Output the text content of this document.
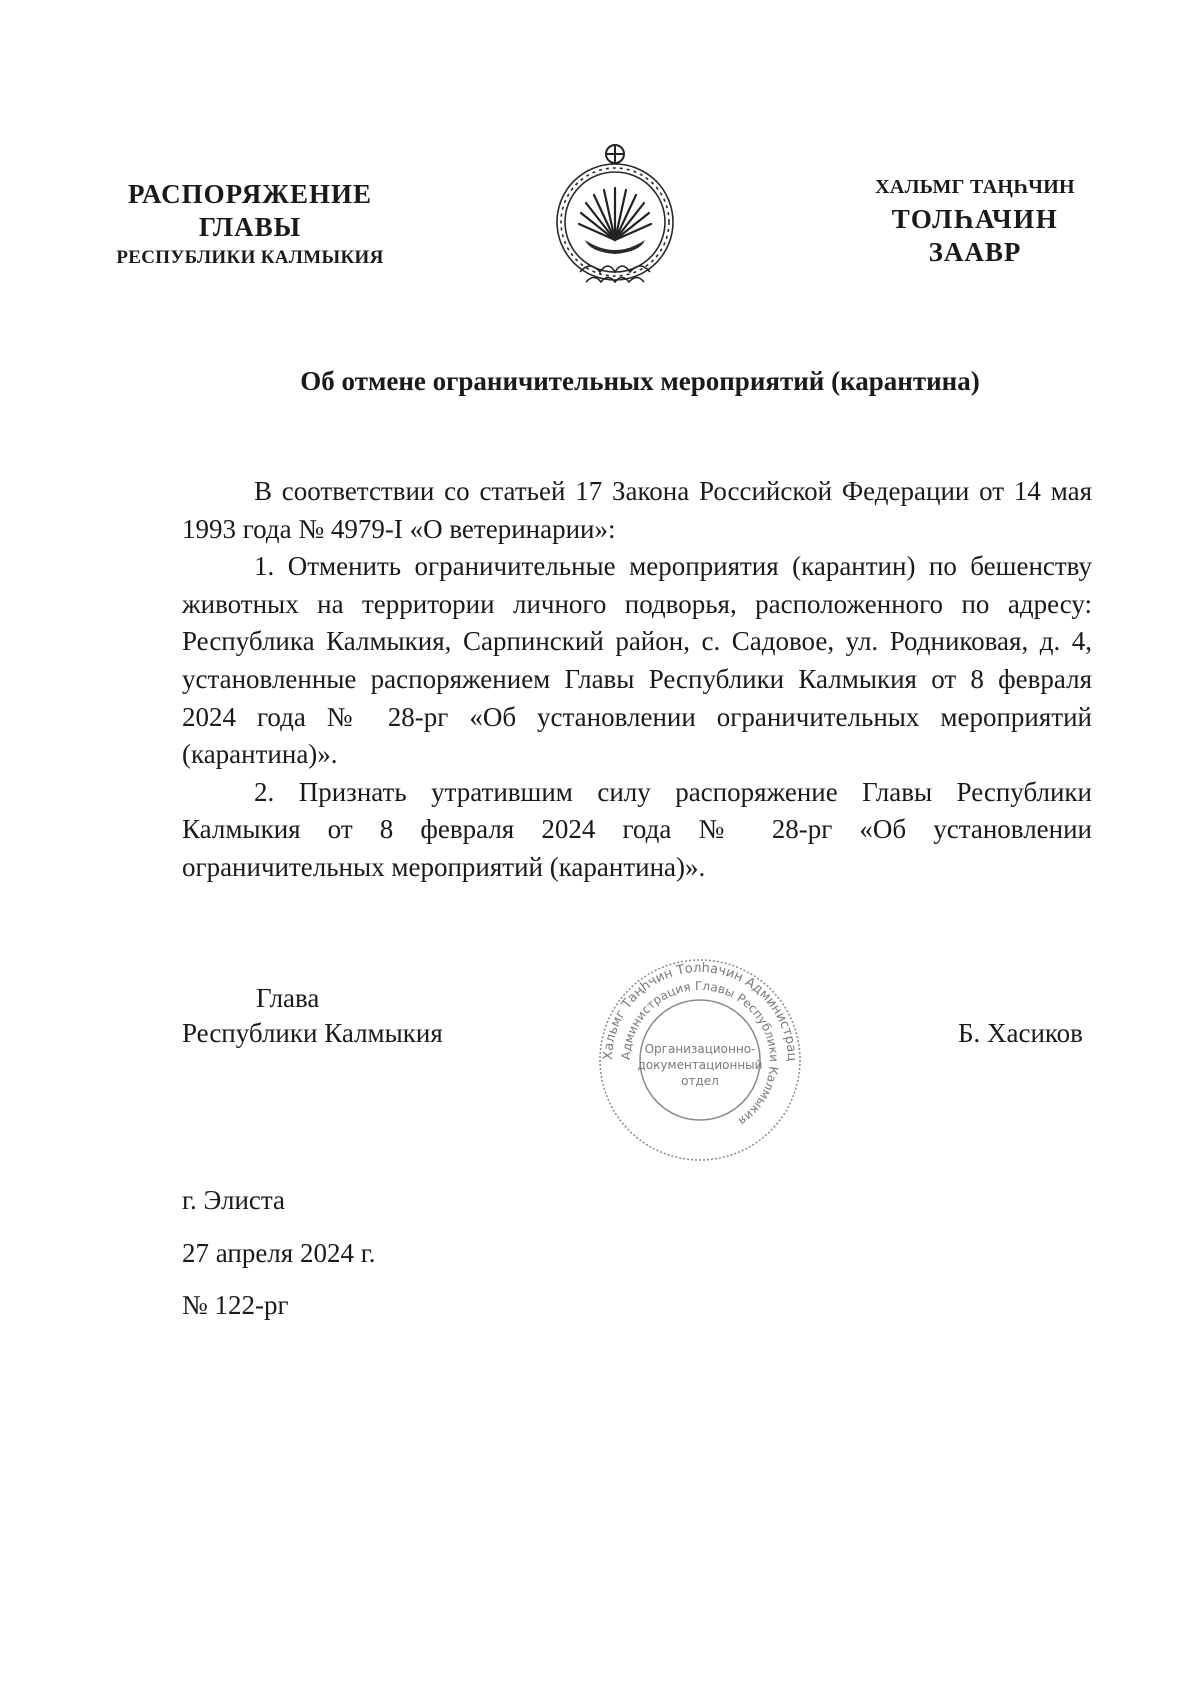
РАСПОРЯЖЕНИЕ
ГЛАВЫ
РЕСПУБЛИКИ КАЛМЫКИЯ
ХАЛЬМГ ТАҢҺЧИН
ТОЛҺАЧИН
ЗААВР
Об отмене ограничительных мероприятий (карантина)

В соответствии со статьей 17 Закона Российской Федерации от 14 мая 1993 года № 4979-I «О ветеринарии»:

1. Отменить ограничительные мероприятия (карантин) по бешенству животных на территории личного подворья, расположенного по адресу: Республика Калмыкия, Сарпинский район, с. Садовое, ул. Родниковая, д. 4, установленные распоряжением Главы Республики Калмыкия от 8 февраля 2024 года № 28-рг «Об установлении ограничительных мероприятий (карантина)».

2. Признать утратившим силу распоряжение Главы Республики Калмыкия от 8 февраля 2024 года № 28-рг «Об установлении ограничительных мероприятий (карантина)».

Глава
Республики Калмыкия
Хальмг Таңһчин Толһачин Администрац
Администрация Главы Республики Калмыкия
Организационно-
документационный
отдел
Б. Хасиков
г. Элиста
27 апреля 2024 г.
№ 122-рг
